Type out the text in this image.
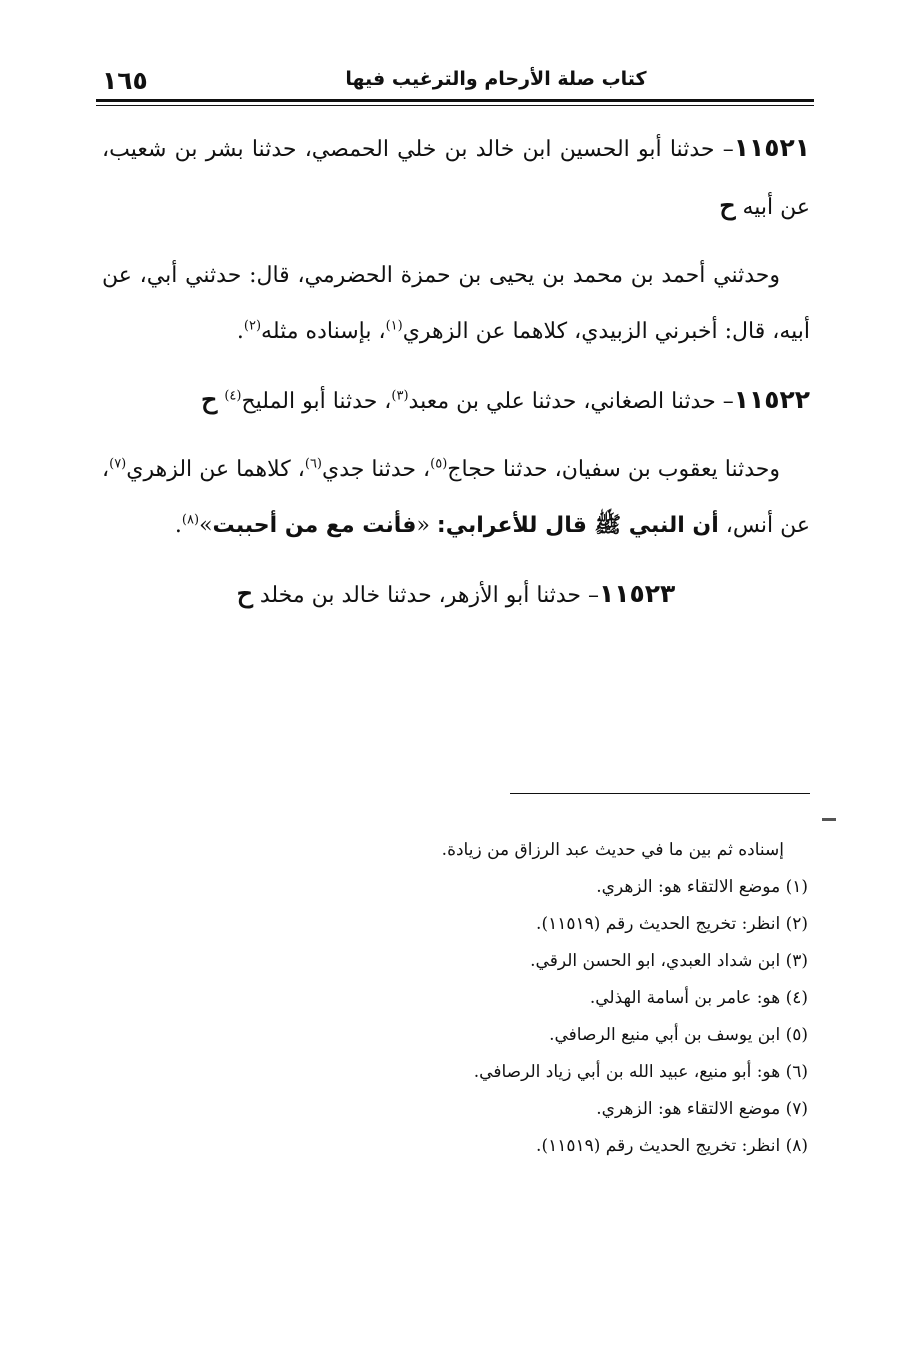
١٦٥	كتاب صلة الأرحام والترغيب فيها

١١٥٢١– حدثنا أبو الحسين ابن خالد بن خلي الحمصي، حدثنا بشر بن شعيب، عن أبيه ح

وحدثني أحمد بن محمد بن يحيى بن حمزة الحضرمي، قال: حدثني أبي، عن أبيه، قال: أخبرني الزبيدي، كلاهما عن الزهري$^{(١)}$، بإسناده مثله$^{(٢)}$.

١١٥٢٢– حدثنا الصغاني، حدثنا علي بن معبد$^{(٣)}$، حدثنا أبو المليح$^{(٤)}$ ح

وحدثنا يعقوب بن سفيان، حدثنا حجاج$^{(٥)}$، حدثنا جدي$^{(٦)}$، كلاهما عن الزهري$^{(٧)}$، عن أنس، أن النبي ﷺ قال للأعرابي: «فأنت مع من أحببت»$^{(٨)}$.

١١٥٢٣– حدثنا أبو الأزهر، حدثنا خالد بن مخلد ح

إسناده ثم بين ما في حديث عبد الرزاق من زيادة.
(١) موضع الالتقاء هو: الزهري.
(٢) انظر: تخريج الحديث رقم (١١٥١٩).
(٣) ابن شداد العبدي، ابو الحسن الرقي.
(٤) هو: عامر بن أسامة الهذلي.
(٥) ابن يوسف بن أبي منيع الرصافي.
(٦) هو: أبو منيع، عبيد الله بن أبي زياد الرصافي.
(٧) موضع الالتقاء هو: الزهري.
(٨) انظر: تخريج الحديث رقم (١١٥١٩).
